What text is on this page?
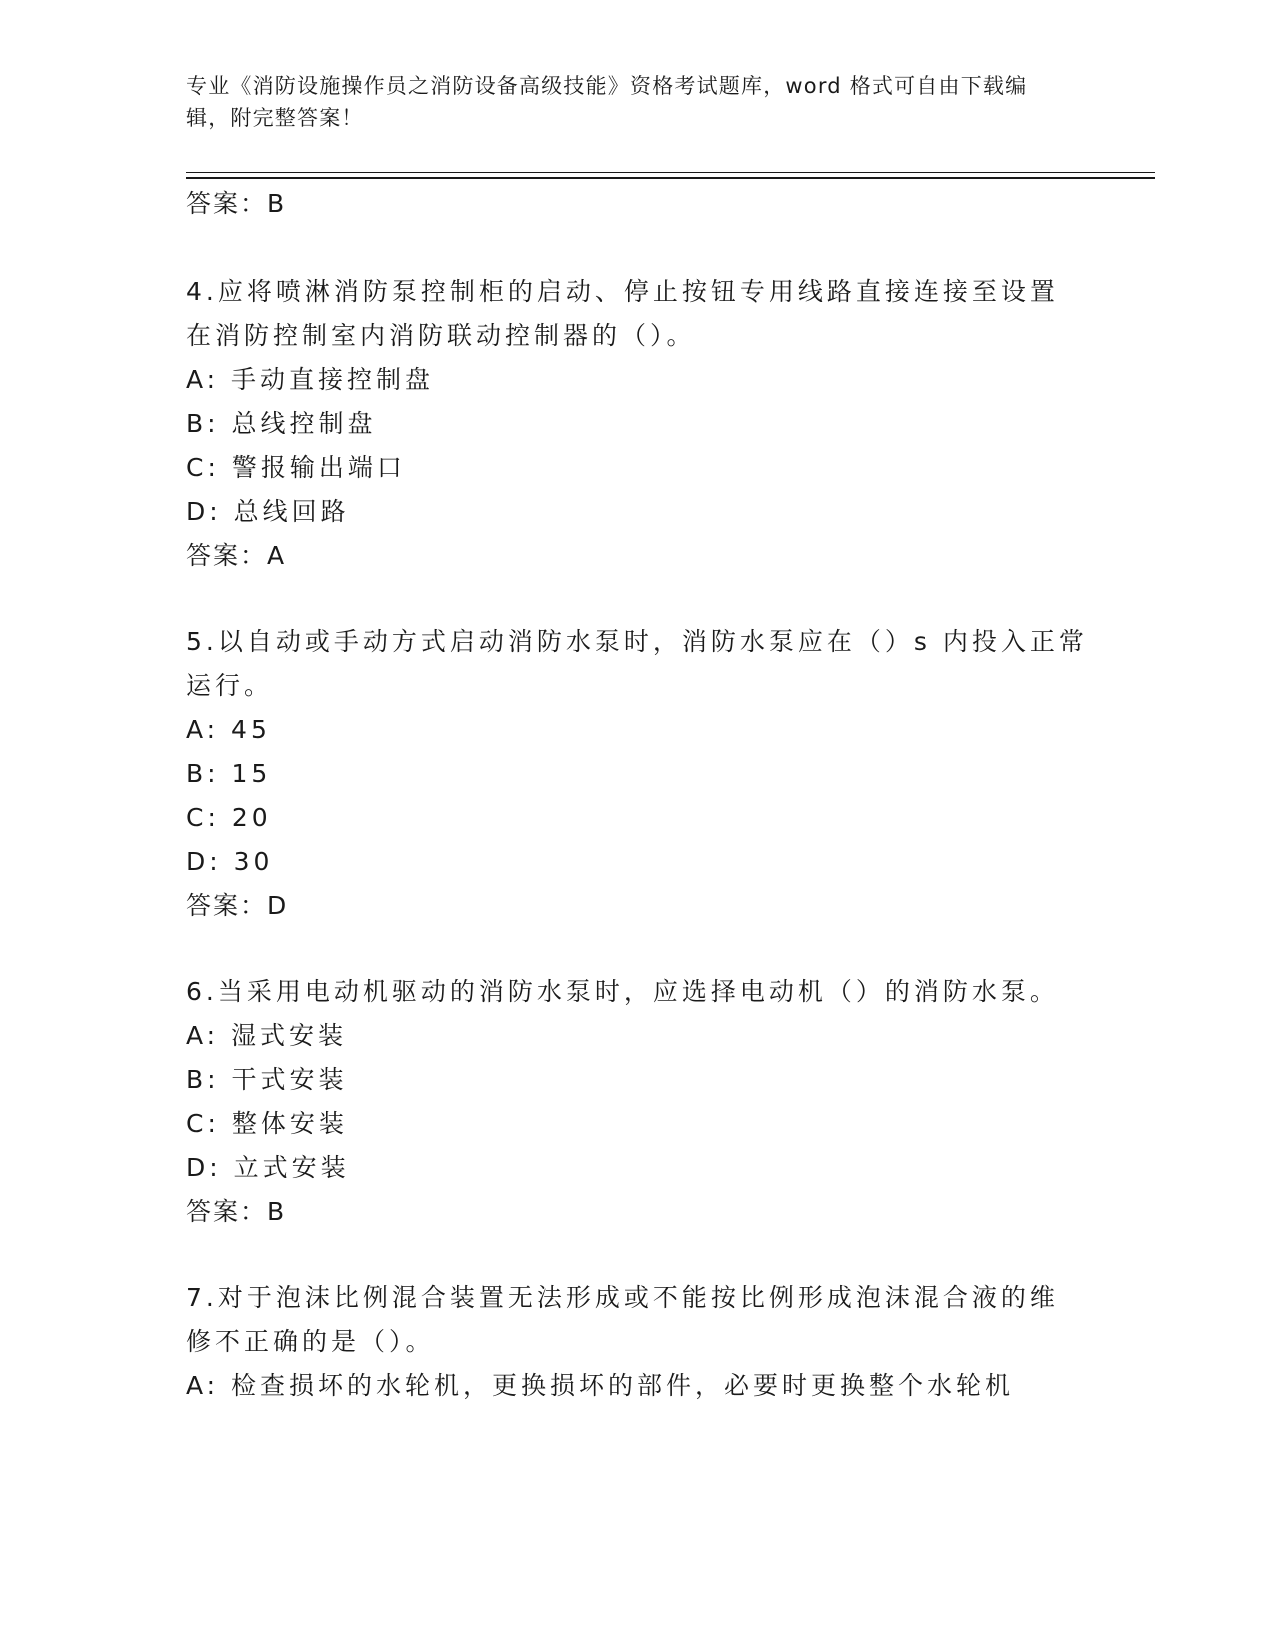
专业《消防设施操作员之消防设备高级技能》资格考试题库，word 格式可自由下载编辑，附完整答案！
答案：B
4.应将喷淋消防泵控制柜的启动、停止按钮专用线路直接连接至设置
在消防控制室内消防联动控制器的（）。
A: 手动直接控制盘
B: 总线控制盘
C: 警报输出端口
D: 总线回路
答案：A
5.以自动或手动方式启动消防水泵时，消防水泵应在（）s 内投入正常
运行。
A: 45
B: 15
C: 20
D: 30
答案：D
6.当采用电动机驱动的消防水泵时，应选择电动机（）的消防水泵。
A: 湿式安装
B: 干式安装
C: 整体安装
D: 立式安装
答案：B
7.对于泡沫比例混合装置无法形成或不能按比例形成泡沫混合液的维
修不正确的是（）。
A: 检查损坏的水轮机，更换损坏的部件，必要时更换整个水轮机
